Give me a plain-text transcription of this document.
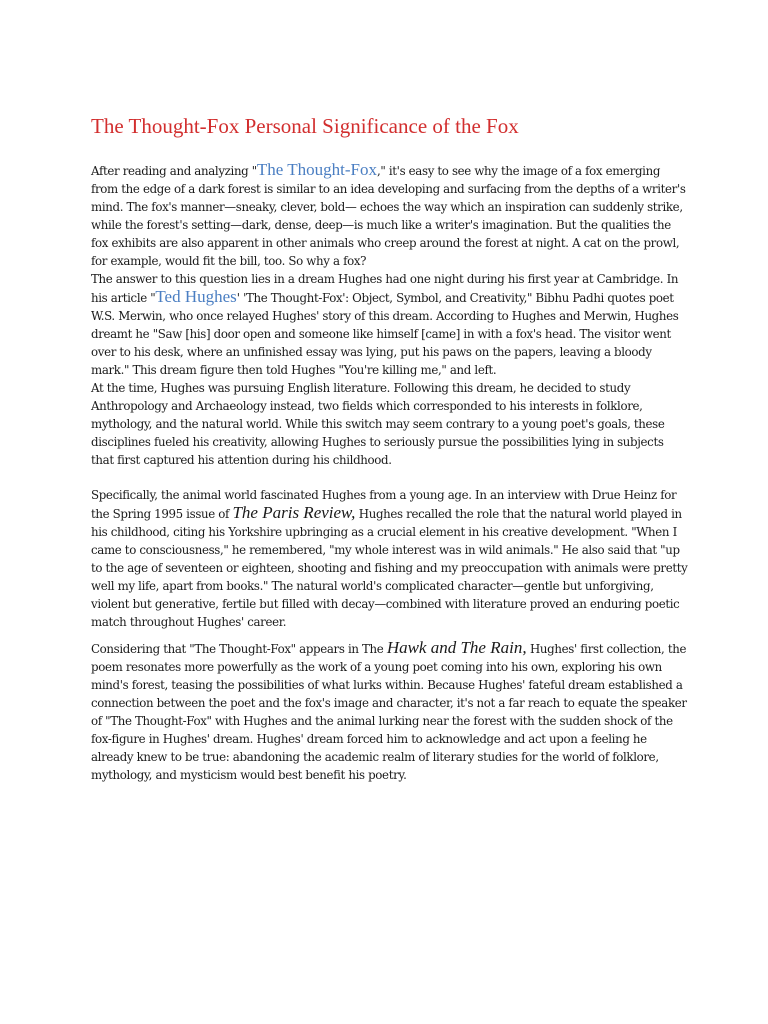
The Thought-Fox Personal Significance of the Fox

After reading and analyzing "The Thought-Fox," it's easy to see why the image of a fox emerging from the edge of a dark forest is similar to an idea developing and surfacing from the depths of a writer's mind. The fox's manner—sneaky, clever, bold— echoes the way which an inspiration can suddenly strike, while the forest's setting—dark, dense, deep—is much like a writer's imagination. But the qualities the fox exhibits are also apparent in other animals who creep around the forest at night. A cat on the prowl, for example, would fit the bill, too. So why a fox?

The answer to this question lies in a dream Hughes had one night during his first year at Cambridge. In his article "Ted Hughes' 'The Thought-Fox': Object, Symbol, and Creativity," Bibhu Padhi quotes poet W.S. Merwin, who once relayed Hughes' story of this dream. According to Hughes and Merwin, Hughes dreamt he "Saw [his] door open and someone like himself [came] in with a fox's head. The visitor went over to his desk, where an unfinished essay was lying, put his paws on the papers, leaving a bloody mark." This dream figure then told Hughes "You're killing me," and left.

At the time, Hughes was pursuing English literature. Following this dream, he decided to study Anthropology and Archaeology instead, two fields which corresponded to his interests in folklore, mythology, and the natural world. While this switch may seem contrary to a young poet's goals, these disciplines fueled his creativity, allowing Hughes to seriously pursue the possibilities lying in subjects that first captured his attention during his childhood.

Specifically, the animal world fascinated Hughes from a young age. In an interview with Drue Heinz for the Spring 1995 issue of The Paris Review, Hughes recalled the role that the natural world played in his childhood, citing his Yorkshire upbringing as a crucial element in his creative development. "When I came to consciousness," he remembered, "my whole interest was in wild animals." He also said that "up to the age of seventeen or eighteen, shooting and fishing and my preoccupation with animals were pretty well my life, apart from books." The natural world's complicated character—gentle but unforgiving, violent but generative, fertile but filled with decay—combined with literature proved an enduring poetic match throughout Hughes' career.

Considering that "The Thought-Fox" appears in The Hawk and The Rain, Hughes' first collection, the poem resonates more powerfully as the work of a young poet coming into his own, exploring his own mind's forest, teasing the possibilities of what lurks within. Because Hughes' fateful dream established a connection between the poet and the fox's image and character, it's not a far reach to equate the speaker of "The Thought-Fox" with Hughes and the animal lurking near the forest with the sudden shock of the fox-figure in Hughes' dream. Hughes' dream forced him to acknowledge and act upon a feeling he already knew to be true: abandoning the academic realm of literary studies for the world of folklore, mythology, and mysticism would best benefit his poetry.
